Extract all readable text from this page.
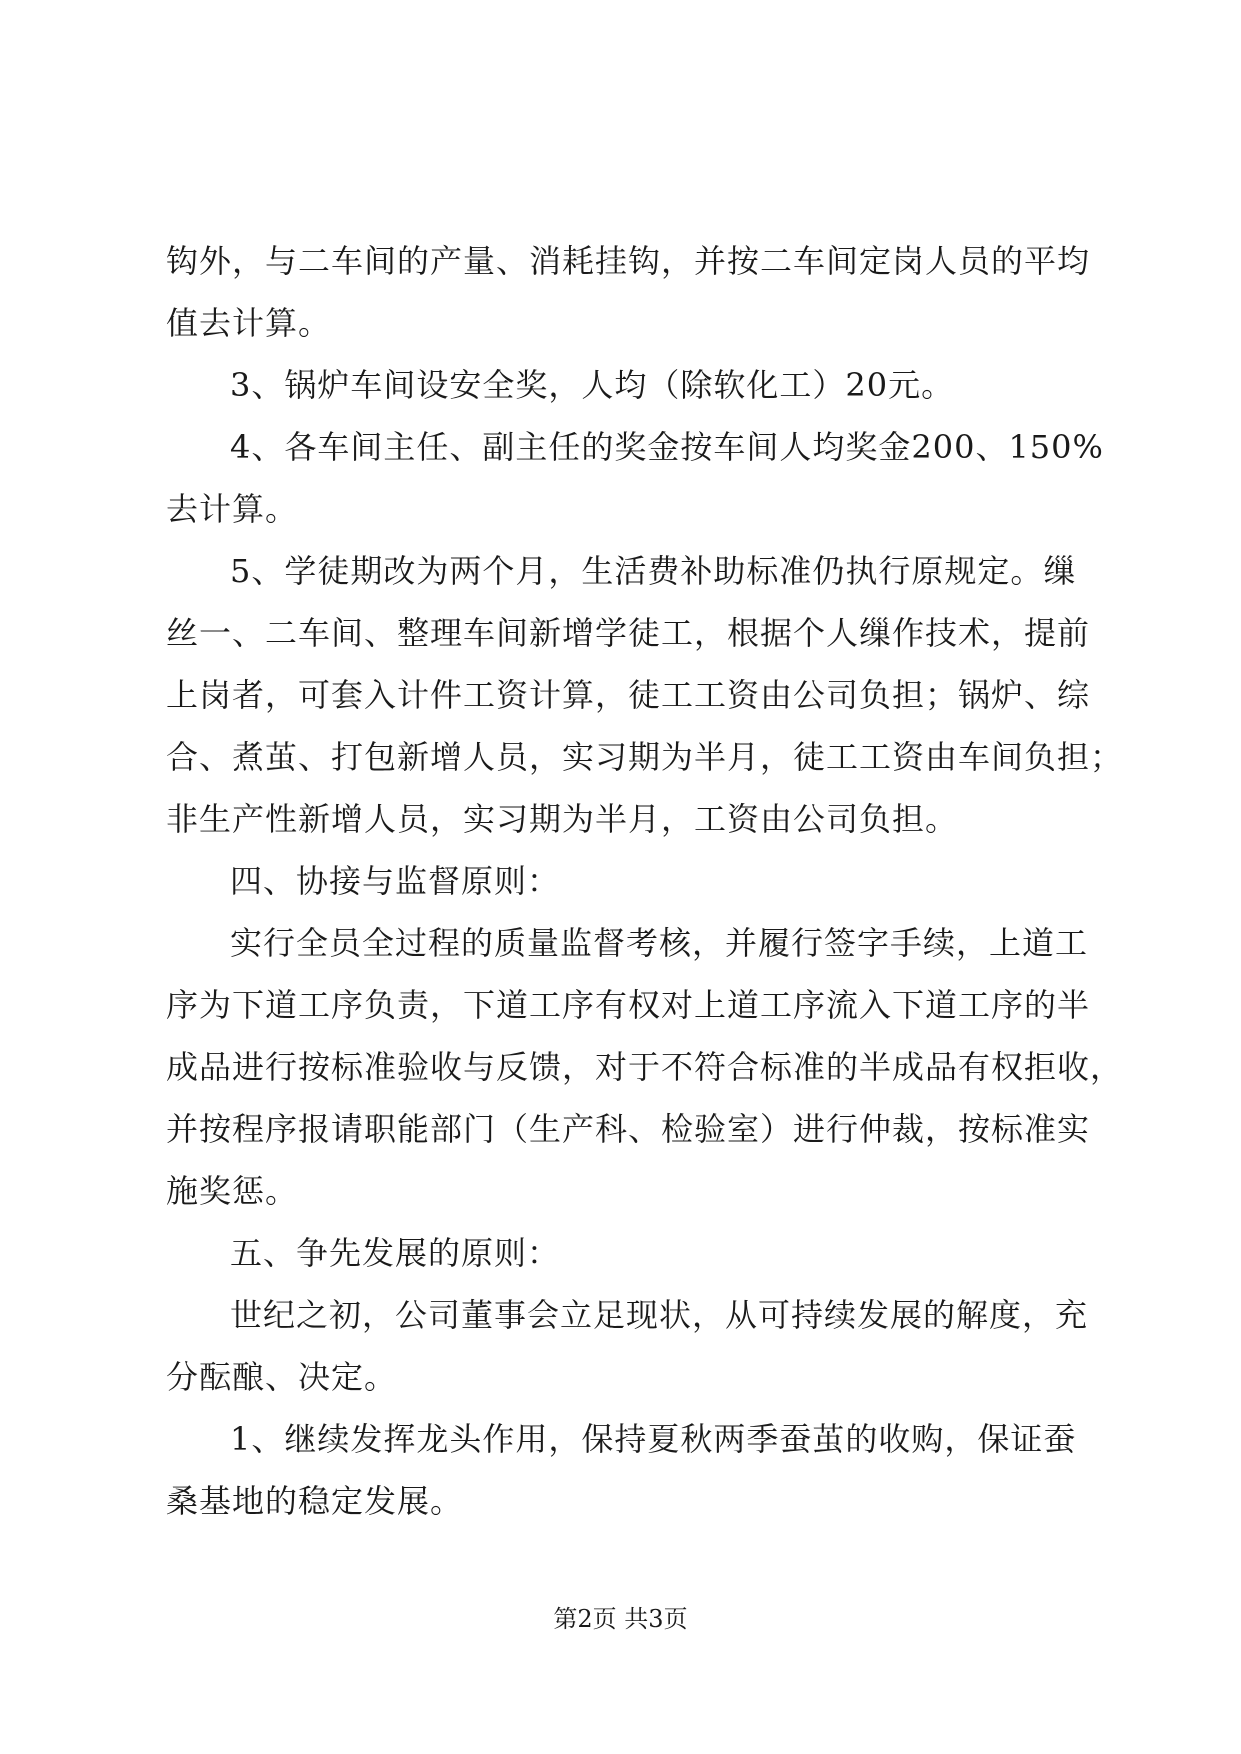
钩外，与二车间的产量、消耗挂钩，并按二车间定岗人员的平均
值去计算。
3、锅炉车间设安全奖，人均（除软化工）20元。
4、各车间主任、副主任的奖金按车间人均奖金200、150%
去计算。
5、学徒期改为两个月，生活费补助标准仍执行原规定。缫
丝一、二车间、整理车间新增学徒工，根据个人缫作技术，提前
上岗者，可套入计件工资计算，徒工工资由公司负担；锅炉、综
合、煮茧、打包新增人员，实习期为半月，徒工工资由车间负担；
非生产性新增人员，实习期为半月，工资由公司负担。
四、协接与监督原则：
实行全员全过程的质量监督考核，并履行签字手续，上道工
序为下道工序负责，下道工序有权对上道工序流入下道工序的半
成品进行按标准验收与反馈，对于不符合标准的半成品有权拒收，
并按程序报请职能部门（生产科、检验室）进行仲裁，按标准实
施奖惩。
五、争先发展的原则：
世纪之初，公司董事会立足现状，从可持续发展的解度，充
分酝酿、决定。
1、继续发挥龙头作用，保持夏秋两季蚕茧的收购，保证蚕
桑基地的稳定发展。
第2页 共3页
